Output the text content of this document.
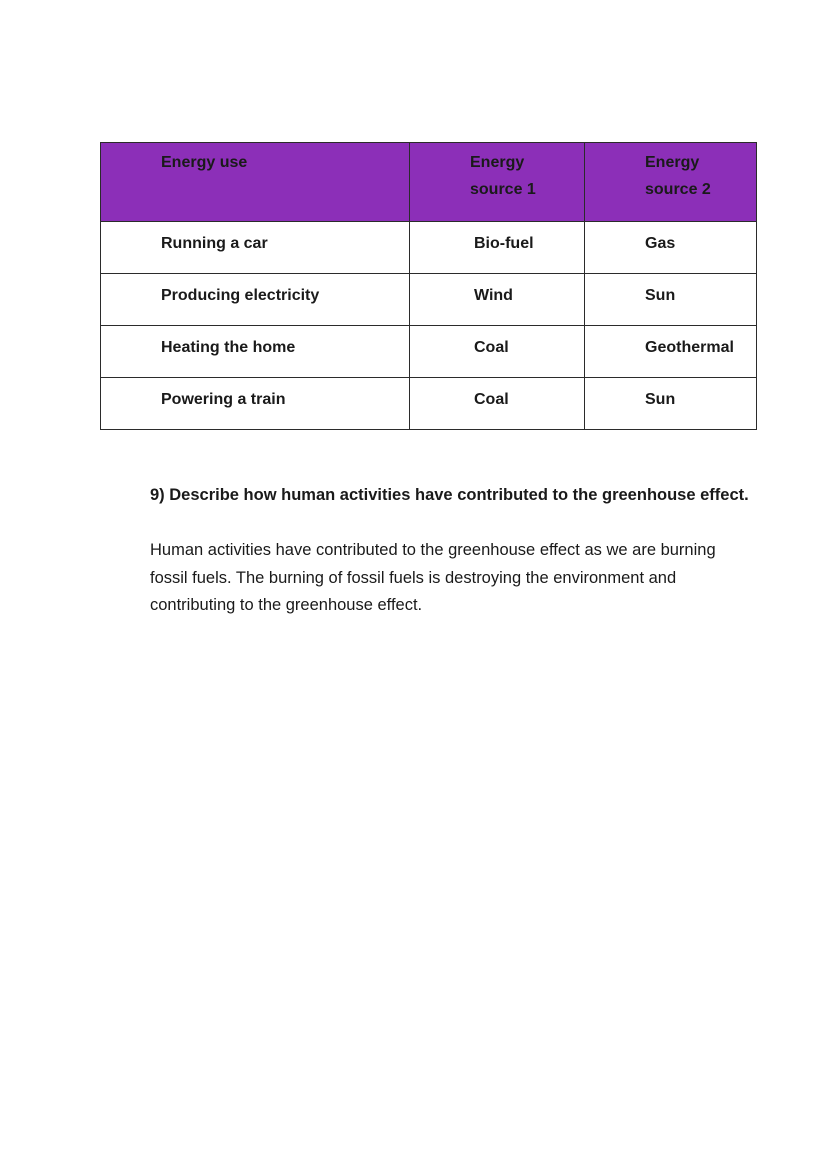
Energy use	Energy source 1	Energy source 2

Running a car	Bio-fuel	Gas

Producing electricity	Wind	Sun

Heating the home	Coal	Geothermal

Powering a train	Coal	Sun

9) Describe how human activities have contributed to the greenhouse effect.

Human activities have contributed to the greenhouse effect as we are burning fossil fuels. The burning of fossil fuels is destroying the environment and contributing to the greenhouse effect.
